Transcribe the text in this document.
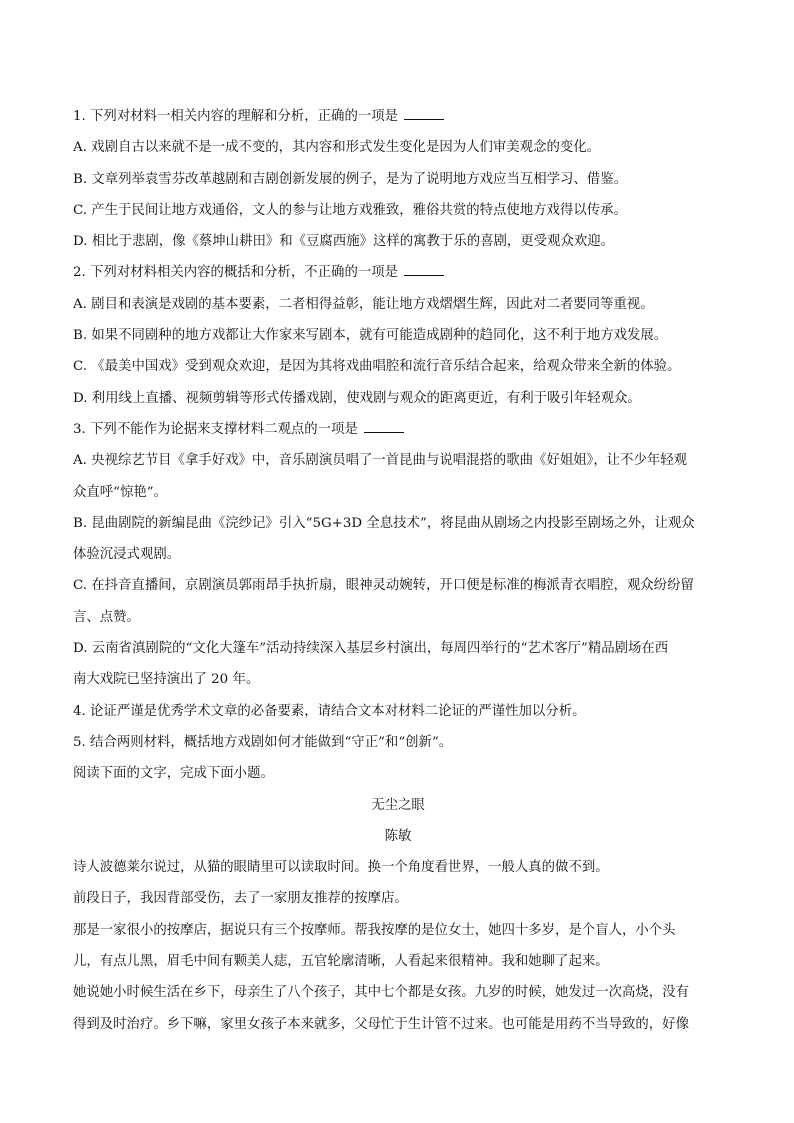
1. 下列对材料一相关内容的理解和分析，正确的一项是

A. 戏剧自古以来就不是一成不变的，其内容和形式发生变化是因为人们审美观念的变化。

B. 文章列举袁雪芬改革越剧和吉剧创新发展的例子，是为了说明地方戏应当互相学习、借鉴。

C. 产生于民间让地方戏通俗，文人的参与让地方戏雅致，雅俗共赏的特点使地方戏得以传承。

D. 相比于悲剧，像《蔡坤山耕田》和《豆腐西施》这样的寓教于乐的喜剧，更受观众欢迎。

2. 下列对材料相关内容的概括和分析，不正确的一项是

A. 剧目和表演是戏剧的基本要素，二者相得益彰，能让地方戏熠熠生辉，因此对二者要同等重视。

B. 如果不同剧种的地方戏都让大作家来写剧本，就有可能造成剧种的趋同化，这不利于地方戏发展。

C. 《最美中国戏》受到观众欢迎，是因为其将戏曲唱腔和流行音乐结合起来，给观众带来全新的体验。

D. 利用线上直播、视频剪辑等形式传播戏剧，使戏剧与观众的距离更近，有利于吸引年轻观众。

3. 下列不能作为论据来支撑材料二观点的一项是

A. 央视综艺节目《拿手好戏》中，音乐剧演员唱了一首昆曲与说唱混搭的歌曲《好姐姐》，让不少年轻观

众直呼“惊艳”。

B. 昆曲剧院的新编昆曲《浣纱记》引入“5G+3D 全息技术”，将昆曲从剧场之内投影至剧场之外，让观众

体验沉浸式观剧。

C. 在抖音直播间，京剧演员郭雨昂手执折扇，眼神灵动婉转，开口便是标准的梅派青衣唱腔，观众纷纷留

言、点赞。

D. 云南省滇剧院的“文化大篷车”活动持续深入基层乡村演出，每周四举行的“艺术客厅”精品剧场在西

南大戏院已坚持演出了 20 年。

4. 论证严谨是优秀学术文章的必备要素，请结合文本对材料二论证的严谨性加以分析。

5. 结合两则材料，概括地方戏剧如何才能做到“守正”和“创新”。

阅读下面的文字，完成下面小题。

无尘之眼

陈敏

诗人波德莱尔说过，从猫的眼睛里可以读取时间。换一个角度看世界，一般人真的做不到。

前段日子，我因背部受伤，去了一家朋友推荐的按摩店。

那是一家很小的按摩店，据说只有三个按摩师。帮我按摩的是位女士，她四十多岁，是个盲人，小个头

儿，有点儿黑，眉毛中间有颗美人痣，五官轮廓清晰，人看起来很精神。我和她聊了起来。

她说她小时候生活在乡下，母亲生了八个孩子，其中七个都是女孩。九岁的时候，她发过一次高烧，没有

得到及时治疗。乡下嘛，家里女孩子本来就多，父母忙于生计管不过来。也可能是用药不当导致的，好像
